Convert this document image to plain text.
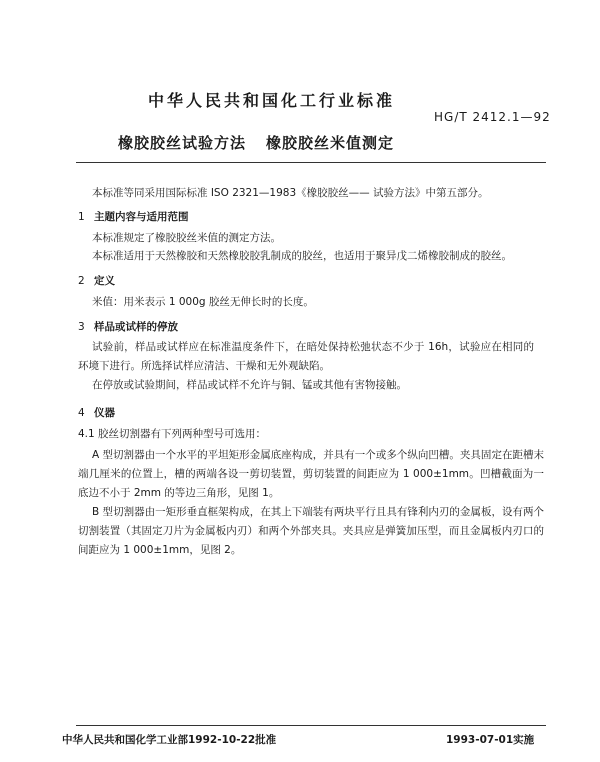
中华人民共和国化工行业标准
HG/T 2412.1—92
橡胶胶丝试验方法 橡胶胶丝米值测定
本标准等同采用国际标准 ISO 2321—1983《橡胶胶丝—— 试验方法》中第五部分。
1 主题内容与适用范围
本标准规定了橡胶胶丝米值的测定方法。
本标准适用于天然橡胶和天然橡胶胶乳制成的胶丝，也适用于聚异戊二烯橡胶制成的胶丝。
2 定义
米值：用米表示 1 000g 胶丝无伸长时的长度。
3 样品或试样的停放
试验前，样品或试样应在标准温度条件下，在暗处保持松弛状态不少于 16h，试验应在相同的环境下进行。所选择试样应清洁、干燥和无外观缺陷。
在停放或试验期间，样品或试样不允许与铜、锰或其他有害物接触。
4 仪器
4.1 胶丝切割器有下列两种型号可选用：
A 型切割器由一个水平的平坦矩形金属底座构成，并具有一个或多个纵向凹槽。夹具固定在距槽末端几厘米的位置上，槽的两端各设一剪切装置，剪切装置的间距应为 1 000±1mm。凹槽截面为一底边不小于 2mm 的等边三角形，见图 1。
B 型切割器由一矩形垂直框架构成，在其上下端装有两块平行且具有锋利内刃的金属板，设有两个切割装置（其固定刀片为金属板内刃）和两个外部夹具。夹具应是弹簧加压型，而且金属板内刃口的间距应为 1 000±1mm，见图 2。
中华人民共和国化学工业部1992-10-22批准	1993-07-01实施
